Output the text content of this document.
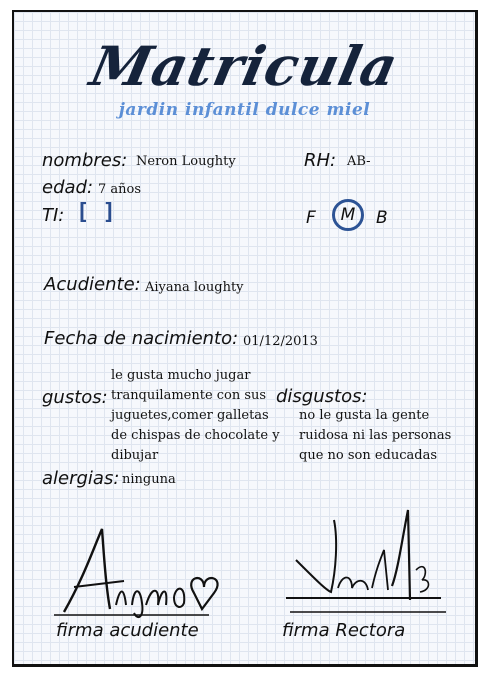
Matricula
jardin infantil dulce miel
nombres: Neron Loughty	RH: AB-
edad: 7 años
TI: [ ]	F	M	B
Acudiente: Aiyana loughty
Fecha de nacimiento: 01/12/2013
gustos:
le gusta mucho jugar tranquilamente con sus juguetes,comer galletas de chispas de chocolate y dibujar
disgustos:
no le gusta la gente ruidosa ni las personas que no son educadas
alergias: ninguna
firma acudiente	firma Rectora
